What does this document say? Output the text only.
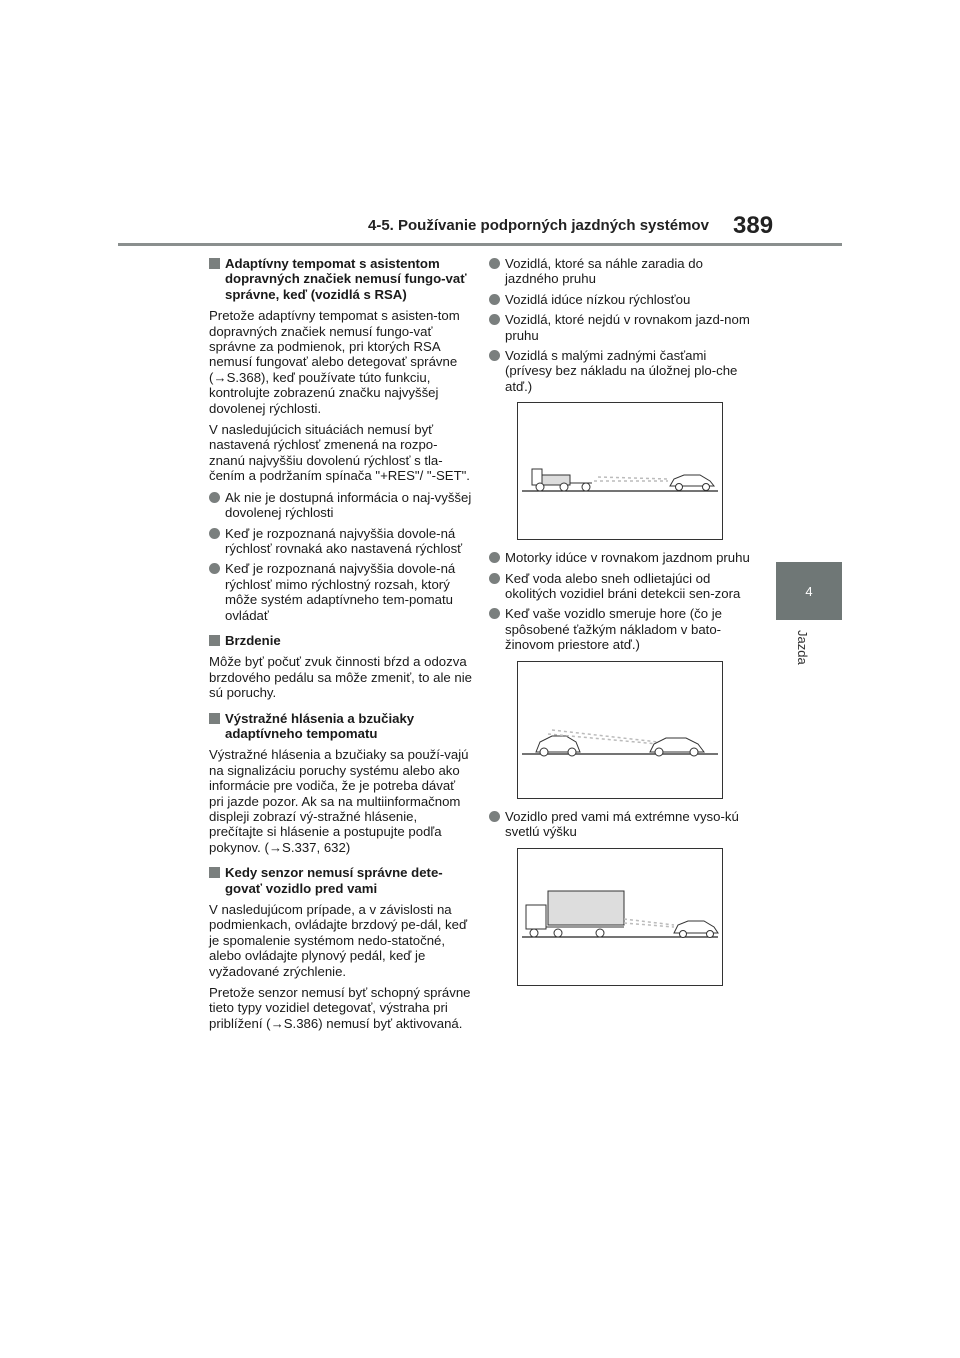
4-5. Používanie podporných jazdných systémov 389
4
Jazda
Adaptívny tempomat s asistentom dopravných značiek nemusí fungo-vať správne, keď (vozidlá s RSA)

Pretože adaptívny tempomat s asisten-tom dopravných značiek nemusí fungo-vať správne za podmienok, pri ktorých RSA nemusí fungovať alebo detegovať správne (→S.368), keď používate túto funkciu, kontrolujte zobrazenú značku najvyššej dovolenej rýchlosti.

V nasledujúcich situáciách nemusí byť nastavená rýchlosť zmenená na rozpo-znanú najvyššiu dovolenú rýchlosť s tla-čením a podržaním spínača "+RES"/ "-SET".

Ak nie je dostupná informácia o naj-vyššej dovolenej rýchlosti
Keď je rozpoznaná najvyššia dovole-ná rýchlosť rovnaká ako nastavená rýchlosť
Keď je rozpoznaná najvyššia dovole-ná rýchlosť mimo rýchlostný rozsah, ktorý môže systém adaptívneho tem-pomatu ovládať
Brzdenie

Môže byť počuť zvuk činnosti bŕzd a odozva brzdového pedálu sa môže zmeniť, to ale nie sú poruchy.

Výstražné hlásenia a bzučiaky adaptívneho tempomatu

Výstražné hlásenia a bzučiaky sa použí-vajú na signalizáciu poruchy systému alebo ako informácie pre vodiča, že je potreba dávať pri jazde pozor. Ak sa na multiinformačnom displeji zobrazí vý-stražné hlásenie, prečítajte si hlásenie a postupujte podľa pokynov. (→S.337, 632)

Kedy senzor nemusí správne dete-govať vozidlo pred vami

V nasledujúcom prípade, a v závislosti na podmienkach, ovládajte brzdový pe-dál, keď je spomalenie systémom nedo-statočné, alebo ovládajte plynový pedál, keď je vyžadované zrýchlenie.

Pretože senzor nemusí byť schopný správne tieto typy vozidiel detegovať, výstraha pri priblížení (→S.386) nemusí byť aktivovaná.

Vozidlá, ktoré sa náhle zaradia do jazdného pruhu
Vozidlá idúce nízkou rýchlosťou
Vozidlá, ktoré nejdú v rovnakom jazd-nom pruhu
Vozidlá s malými zadnými časťami (prívesy bez nákladu na úložnej plo-che atď.)
Motorky idúce v rovnakom jazdnom pruhu
Keď voda alebo sneh odlietajúci od okolitých vozidiel bráni detekcii sen-zora
Keď vaše vozidlo smeruje hore (čo je spôsobené ťažkým nákladom v bato-žinovom priestore atď.)
Vozidlo pred vami má extrémne vyso-kú svetlú výšku
